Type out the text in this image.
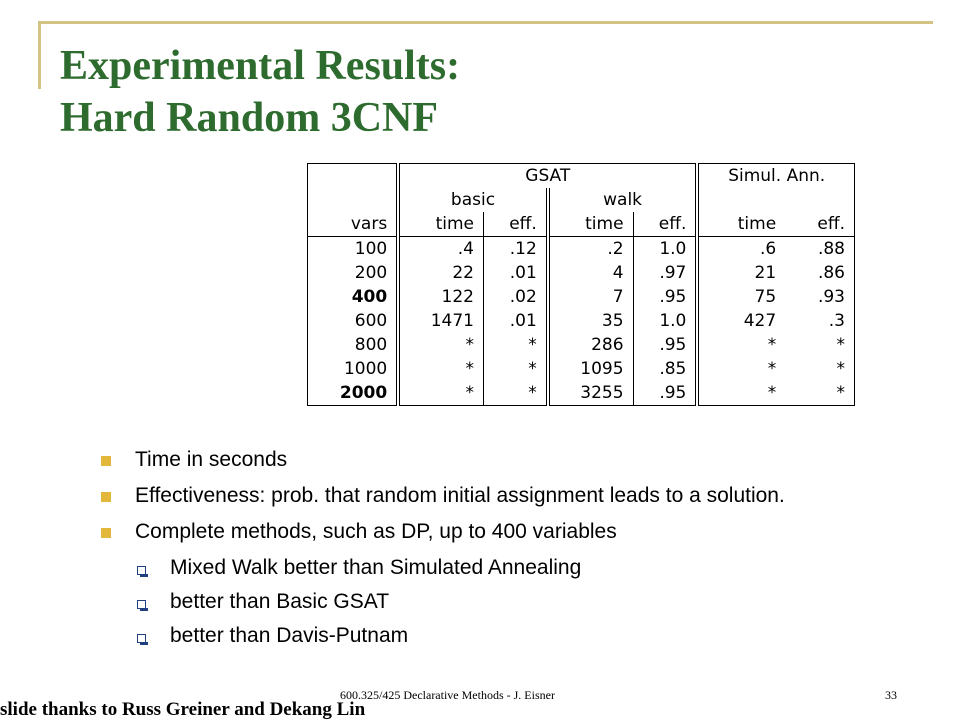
Experimental Results:
Hard Random 3CNF
	GSAT				Simul. Ann.	
	basic		walk			
vars	time	eff.	time	eff.	time	eff.
100	.4	.12	.2	1.0	.6	.88
200	22	.01	4	.97	21	.86
400	122	.02	7	.95	75	.93
600	1471	.01	35	1.0	427	.3
800	*	*	286	.95	*	*
1000	*	*	1095	.85	*	*
2000	*	*	3255	.95	*	*
Time in seconds
Effectiveness: prob. that random initial assignment leads to a solution.
Complete methods, such as DP, up to 400 variables
Mixed Walk better than Simulated Annealing
better than Basic GSAT
better than Davis-Putnam
600.325/425 Declarative Methods - J. Eisner	33
slide thanks to Russ Greiner and Dekang Lin
